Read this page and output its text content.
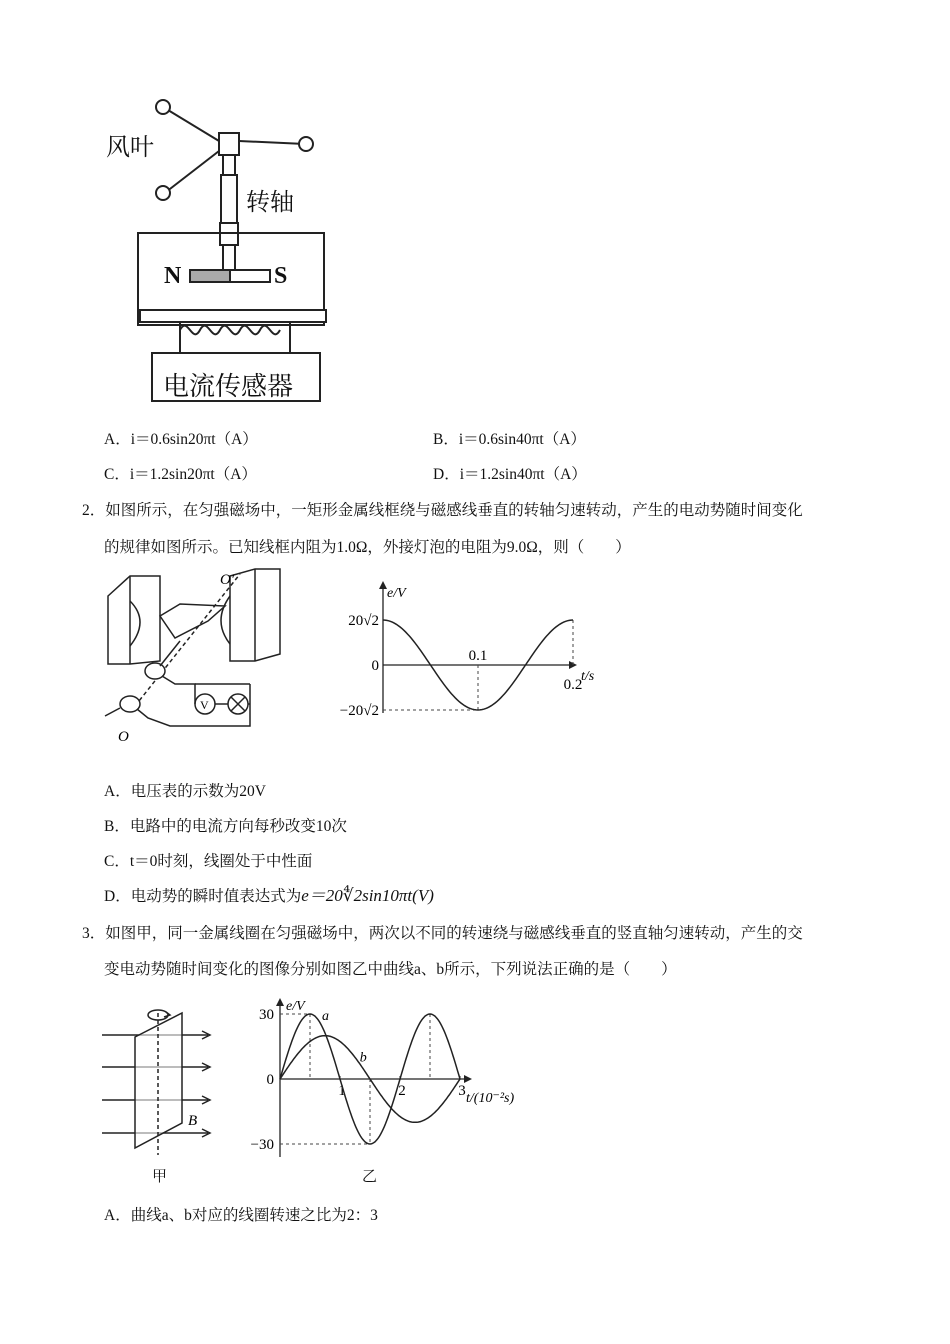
风叶
转轴
N	S
电流传感器
A．i＝0.6sin20πt（A）	B．i＝0.6sin40πt（A）
C．i＝1.2sin20πt（A）	D．i＝1.2sin40πt（A）
2．如图所示，在匀强磁场中，一矩形金属线框绕与磁感线垂直的转轴匀速转动，产生的电动势随时间变化
的规律如图所示。已知线框内阻为1.0Ω，外接灯泡的电阻为9.0Ω，则（　　）
O′
O
V
e/V
t/s
20√2
0
−20√2
0.1
0.2
A．电压表的示数为20V
B．电路中的电流方向每秒改变10次
C．t＝0时刻，线圈处于中性面
D．电动势的瞬时值表达式为e＝20∜2sin10πt(V)
3．如图甲，同一金属线圈在匀强磁场中，两次以不同的转速绕与磁感线垂直的竖直轴匀速转动，产生的交
变电动势随时间变化的图像分别如图乙中曲线a、b所示，下列说法正确的是（　　）
B
甲
e/V
t/(10⁻²s)
30
0
−30
1	2	3
a
b
乙
A．曲线a、b对应的线圈转速之比为2：3
